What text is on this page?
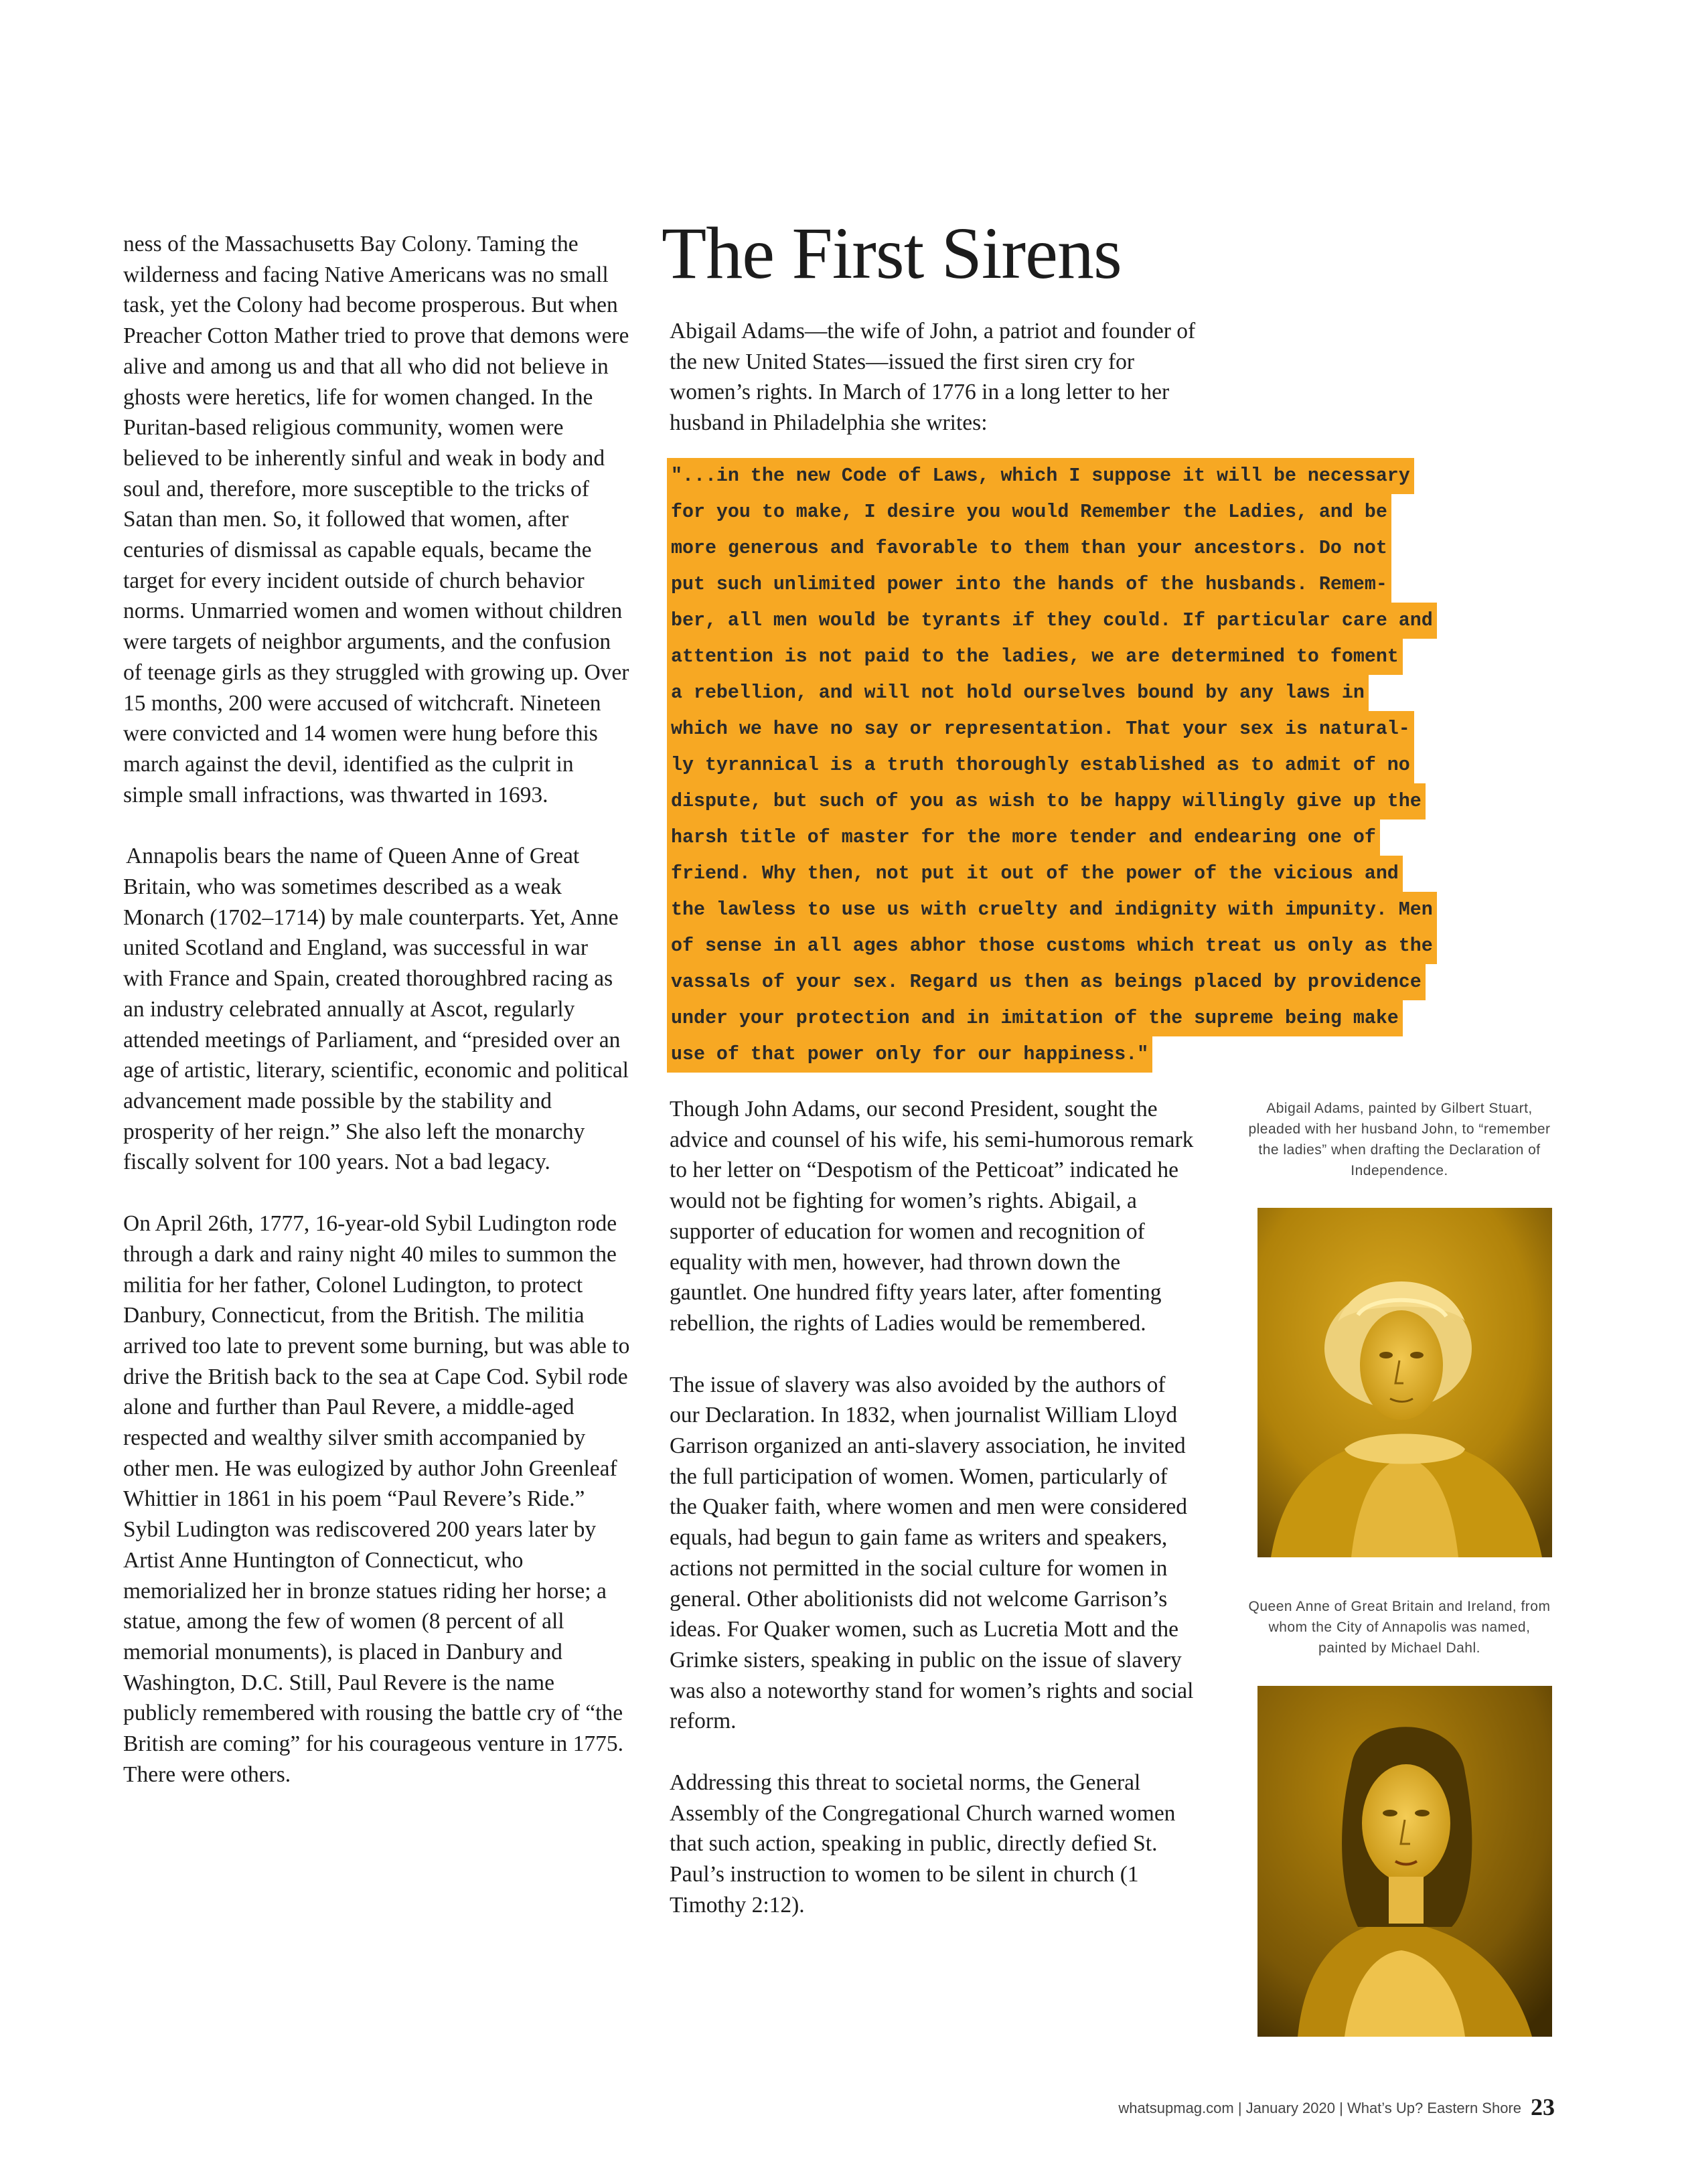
ness of the Massachusetts Bay Colony. Taming the wilderness and facing Native Americans was no small task, yet the Colony had become prosperous. But when Preacher Cotton Mather tried to prove that demons were alive and among us and that all who did not believe in ghosts were heretics, life for women changed. In the Puritan-based religious community, women were believed to be inherently sinful and weak in body and soul and, therefore, more susceptible to the tricks of Satan than men. So, it followed that women, after centuries of dismissal as capable equals, became the target for every incident outside of church behavior norms. Unmarried women and women without children were targets of neighbor arguments, and the confusion of teenage girls as they struggled with growing up. Over 15 months, 200 were accused of witchcraft. Nineteen were convicted and 14 women were hung before this march against the devil, identified as the culprit in simple small infractions, was thwarted in 1693.

Annapolis bears the name of Queen Anne of Great Britain, who was sometimes described as a weak Monarch (1702–1714) by male counterparts. Yet, Anne united Scotland and England, was successful in war with France and Spain, created thoroughbred racing as an industry celebrated annually at Ascot, regularly attended meetings of Parliament, and “presided over an age of artistic, literary, scientific, economic and political advancement made possible by the stability and prosperity of her reign.” She also left the monarchy fiscally solvent for 100 years. Not a bad legacy.

On April 26th, 1777, 16-year-old Sybil Ludington rode through a dark and rainy night 40 miles to summon the militia for her father, Colonel Ludington, to protect Danbury, Connecticut, from the British. The militia arrived too late to prevent some burning, but was able to drive the British back to the sea at Cape Cod. Sybil rode alone and further than Paul Revere, a middle-aged respected and wealthy silver smith accompanied by other men. He was eulogized by author John Greenleaf Whittier in 1861 in his poem “Paul Revere’s Ride.” Sybil Ludington was rediscovered 200 years later by Artist Anne Huntington of Connecticut, who memorialized her in bronze statues riding her horse; a statue, among the few of women (8 percent of all memorial monuments), is placed in Danbury and Washington, D.C. Still, Paul Revere is the name publicly remembered with rousing the battle cry of “the British are coming” for his courageous venture in 1775. There were others.

The First Sirens

Abigail Adams—the wife of John, a patriot and founder of the new United States—issued the first siren cry for women’s rights. In March of 1776 in a long letter to her husband in Philadelphia she writes:

"...in the new Code of Laws, which I suppose it will be necessary
for you to make, I desire you would Remember the Ladies, and be
more generous and favorable to them than your ancestors. Do not
put such unlimited power into the hands of the husbands. Remem-
ber, all men would be tyrants if they could. If particular care and
attention is not paid to the ladies, we are determined to foment
a rebellion, and will not hold ourselves bound by any laws in
which we have no say or representation. That your sex is natural-
ly tyrannical is a truth thoroughly established as to admit of no
dispute, but such of you as wish to be happy willingly give up the
harsh title of master for the more tender and endearing one of
friend. Why then, not put it out of the power of the vicious and
the lawless to use us with cruelty and indignity with impunity. Men
of sense in all ages abhor those customs which treat us only as the
vassals of your sex. Regard us then as beings placed by providence
under your protection and in imitation of the supreme being make
use of that power only for our happiness."

Though John Adams, our second President, sought the advice and counsel of his wife, his semi-humorous remark to her letter on “Despotism of the Petticoat” indicated he would not be fighting for women’s rights. Abigail, a supporter of education for women and recognition of equality with men, however, had thrown down the gauntlet. One hundred fifty years later, after fomenting rebellion, the rights of Ladies would be remembered.

The issue of slavery was also avoided by the authors of our Declaration. In 1832, when journalist William Lloyd Garrison organized an anti-slavery association, he invited the full participation of women. Women, particularly of the Quaker faith, where women and men were considered equals, had begun to gain fame as writers and speakers, actions not permitted in the social culture for women in general. Other abolitionists did not welcome Garrison’s ideas. For Quaker women, such as Lucretia Mott and the Grimke sisters, speaking in public on the issue of slavery was also a noteworthy stand for women’s rights and social reform.

Addressing this threat to societal norms, the General Assembly of the Congregational Church warned women that such action, speaking in public, directly defied St. Paul’s instruction to women to be silent in church (1 Timothy 2:12).

Abigail Adams, painted by Gilbert Stuart, pleaded with her husband John, to “remember the ladies” when drafting the Declaration of Independence.

Queen Anne of Great Britain and Ireland, from whom the City of Annapolis was named, painted by Michael Dahl.

whatsupmag.com | January 2020 | What’s Up? Eastern Shore 23
